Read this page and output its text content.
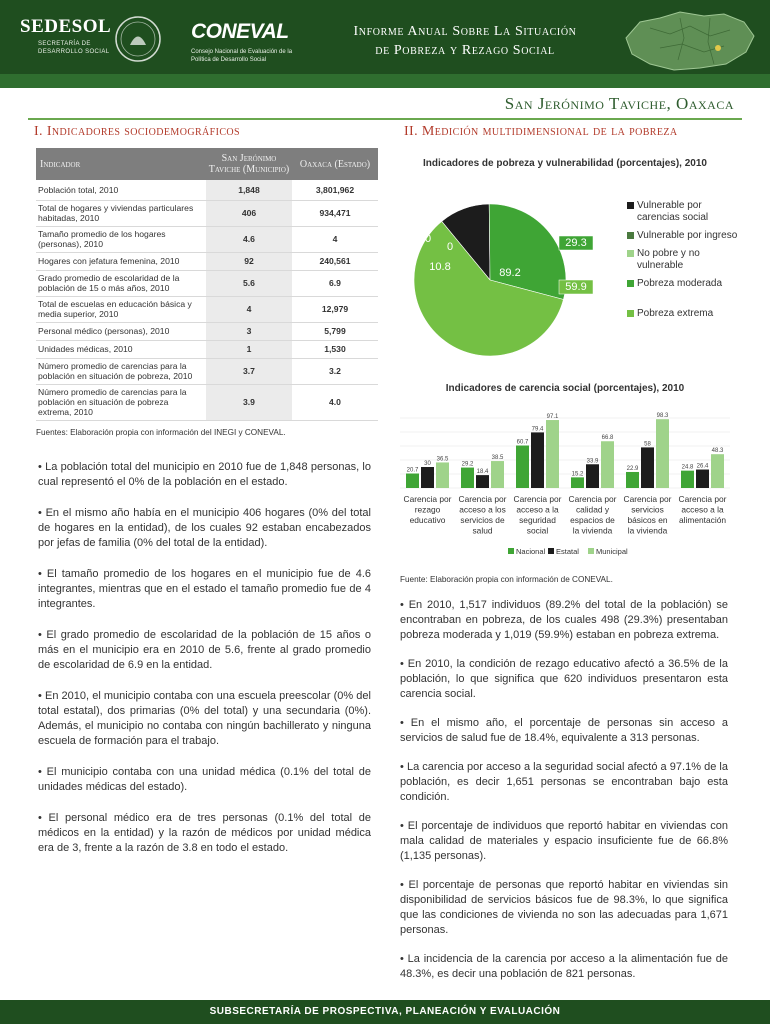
SEDESOL
SECRETARÍA DE DESARROLLO SOCIAL
CONEVAL
Consejo Nacional de Evaluación de la Política de Desarrollo Social
Informe Anual Sobre La Situación
de Pobreza y Rezago Social
San Jerónimo Taviche, Oaxaca
I. Indicadores sociodemográficos	II. Medición multidimensional de la pobreza
Indicador	San Jerónimo Taviche (Municipio)	Oaxaca (Estado)
Población total, 2010	1,848	3,801,962
Total de hogares y viviendas particulares habitadas, 2010	406	934,471
Tamaño promedio de los hogares (personas), 2010	4.6	4
Hogares con jefatura femenina, 2010	92	240,561
Grado promedio de escolaridad de la población de 15 o más años, 2010	5.6	6.9
Total de escuelas en educación básica y media superior, 2010	4	12,979
Personal médico (personas), 2010	3	5,799
Unidades médicas, 2010	1	1,530
Número promedio de carencias para la población en situación de pobreza, 2010	3.7	3.2
Número promedio de carencias para la población en situación de pobreza extrema, 2010	3.9	4.0
Fuentes: Elaboración propia con información del INEGI y CONEVAL.

• La población total del municipio en 2010 fue de 1,848 personas, lo cual representó el 0% de la población en el estado.

• En el mismo año había en el municipio 406 hogares (0% del total de hogares en la entidad), de los cuales 92 estaban encabezados por jefas de familia (0% del total de la entidad).

• El tamaño promedio de los hogares en el municipio fue de 4.6 integrantes, mientras que en el estado el tamaño promedio fue de 4 integrantes.

• El grado promedio de escolaridad de la población de 15 años o más en el municipio era en 2010 de 5.6, frente al grado promedio de escolaridad de 6.9 en la entidad.

• En 2010, el municipio contaba con una escuela preescolar (0% del total estatal), dos primarias (0% del total) y una secundaria (0%). Además, el municipio no contaba con ningún bachillerato y ninguna escuela de formación para el trabajo.

• El municipio contaba con una unidad médica (0.1% del total de unidades médicas del estado).

• El personal médico era de tres personas (0.1% del total de médicos en la entidad) y la razón de médicos por unidad médica era de 3, frente a la razón de 3.8 en todo el estado.

Indicadores de pobreza y vulnerabilidad (porcentajes), 2010
10.8
0
0	29.3
59.9
89.2
Vulnerable por carencias social
Vulnerable por ingreso
No pobre y no vulnerable
Pobreza moderada
Pobreza extrema
Indicadores de carencia social (porcentajes), 2010
20.7
30
36.5
Carencia por rezago educativo
29.2
18.4
38.5
Carencia por acceso a los servicios de salud
60.7
79.4
97.1
Carencia por acceso a la seguridad social
15.2
33.9
66.8
Carencia por calidad y espacios de la vivienda
22.9
58
98.3
Carencia por servicios básicos en la vivienda
24.8 26.4
48.3
Carencia por acceso a la alimentación
Nacional Estatal Municipal
Fuente: Elaboración propia con información de CONEVAL.

• En 2010, 1,517 individuos (89.2% del total de la población) se encontraban en pobreza, de los cuales 498 (29.3%) presentaban pobreza moderada y 1,019 (59.9%) estaban en pobreza extrema.

• En 2010, la condición de rezago educativo afectó a 36.5% de la población, lo que significa que 620 individuos presentaron esta carencia social.

• En el mismo año, el porcentaje de personas sin acceso a servicios de salud fue de 18.4%, equivalente a 313 personas.

• La carencia por acceso a la seguridad social afectó a 97.1% de la población, es decir 1,651 personas se encontraban bajo esta condición.

• El porcentaje de individuos que reportó habitar en viviendas con mala calidad de materiales y espacio insuficiente fue de 66.8% (1,135 personas).

• El porcentaje de personas que reportó habitar en viviendas sin disponibilidad de servicios básicos fue de 98.3%, lo que significa que las condiciones de vivienda no son las adecuadas para 1,671 personas.

• La incidencia de la carencia por acceso a la alimentación fue de 48.3%, es decir una población de 821 personas.

SUBSECRETARÍA DE PROSPECTIVA, PLANEACIÓN Y EVALUACIÓN
